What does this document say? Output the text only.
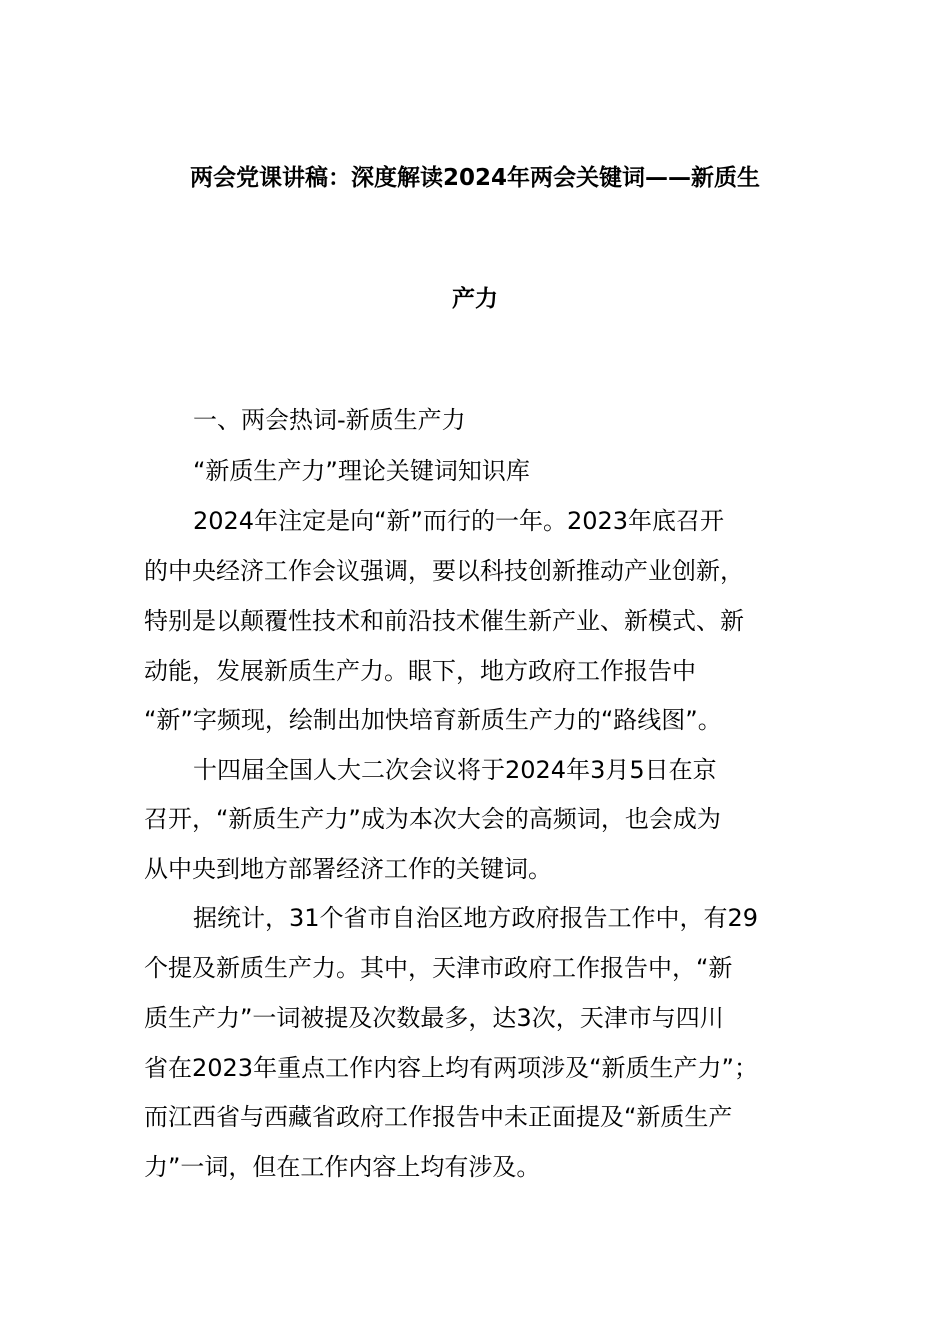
两会党课讲稿：深度解读2024年两会关键词——新质生
产力
一、两会热词-新质生产力
“新质生产力”理论关键词知识库
2024年注定是向“新”而行的一年。2023年底召开
的中央经济工作会议强调，要以科技创新推动产业创新，
特别是以颠覆性技术和前沿技术催生新产业、新模式、新
动能，发展新质生产力。眼下，地方政府工作报告中
“新”字频现，绘制出加快培育新质生产力的“路线图”。
十四届全国人大二次会议将于2024年3月5日在京
召开，“新质生产力”成为本次大会的高频词，也会成为
从中央到地方部署经济工作的关键词。
据统计，31个省市自治区地方政府报告工作中，有29
个提及新质生产力。其中，天津市政府工作报告中，“新
质生产力”一词被提及次数最多，达3次，天津市与四川
省在2023年重点工作内容上均有两项涉及“新质生产力”；
而江西省与西藏省政府工作报告中未正面提及“新质生产
力”一词，但在工作内容上均有涉及。
